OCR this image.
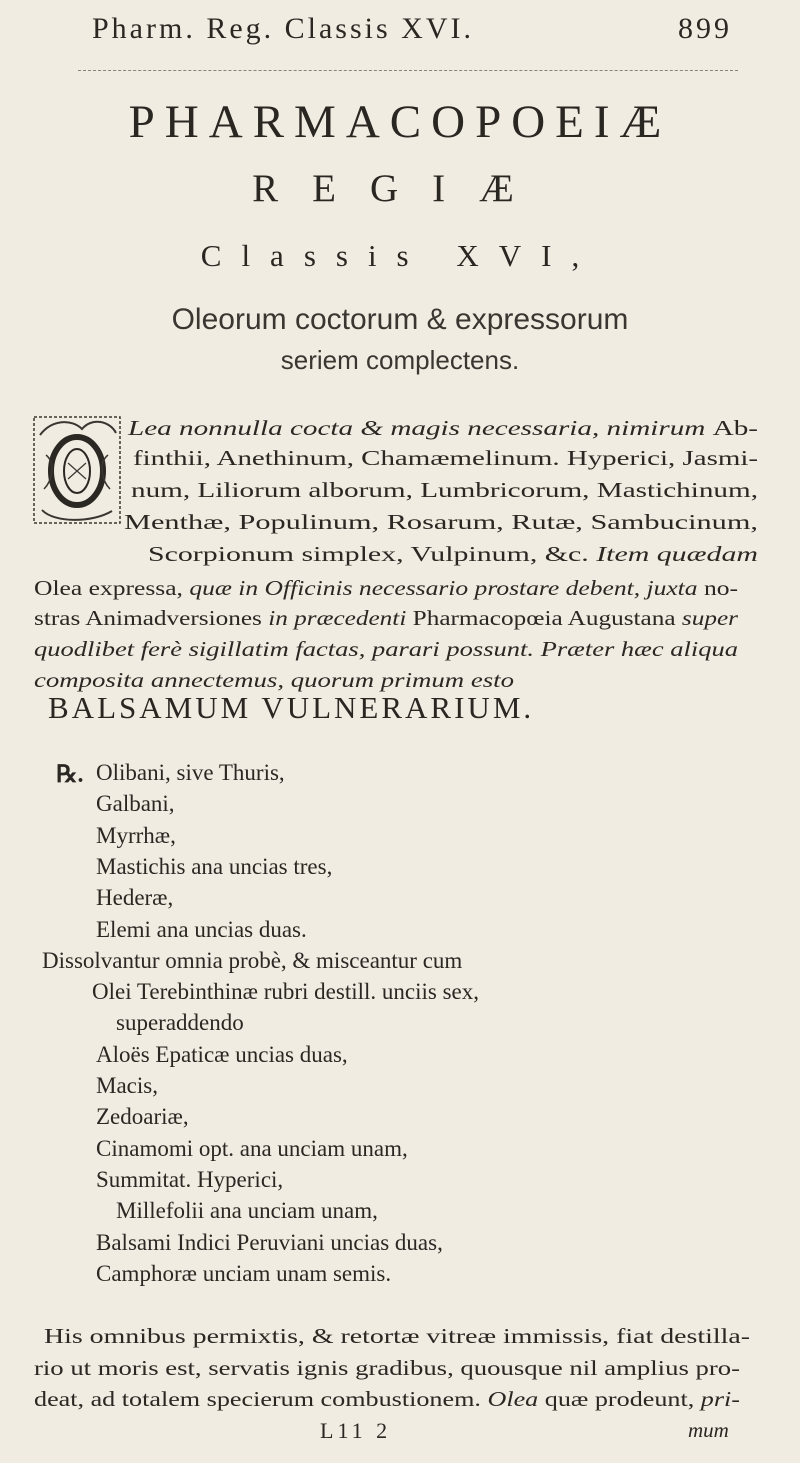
Pharm. Reg. Classis XVI.	899
PHARMACOPOEIÆ
REGIÆ
Classis XVI,
Oleorum coctorum & expressorum
seriem complectens.
Lea nonnulla cocta & magis necessaria, nimirum Ab-
finthii, Anethinum, Chamæmelinum. Hyperici, Jasmi-
num, Liliorum alborum, Lumbricorum, Mastichinum,
Menthæ, Populinum, Rosarum, Rutæ, Sambucinum,
Scorpionum simplex, Vulpinum, &c. Item quædam
Olea expressa, quæ in Officinis necessario prostare debent, juxta no-
stras Animadversiones in præcedenti Pharmacopœia Augustana super
quodlibet ferè sigillatim factas, parari possunt. Præter hæc aliqua
composita annectemus, quorum primum esto
BALSAMUM VULNERARIUM.
℞. Olibani, sive Thuris,
Galbani,
Myrrhæ,
Mastichis ana uncias tres,
Hederæ,
Elemi ana uncias duas.
Dissolvantur omnia probè, & misceantur cum
Olei Terebinthinæ rubri destill. unciis sex,
superaddendo
Aloës Epaticæ uncias duas,
Macis,
Zedoariæ,
Cinamomi opt. ana unciam unam,
Summitat. Hyperici,
Millefolii ana unciam unam,
Balsami Indici Peruviani uncias duas,
Camphoræ unciam unam semis.
His omnibus permixtis, & retortæ vitreæ immissis, fiat destilla-
rio ut moris est, servatis ignis gradibus, quousque nil amplius pro-
deat, ad totalem specierum combustionem. Olea quæ prodeunt, pri-
L11 2	mum
